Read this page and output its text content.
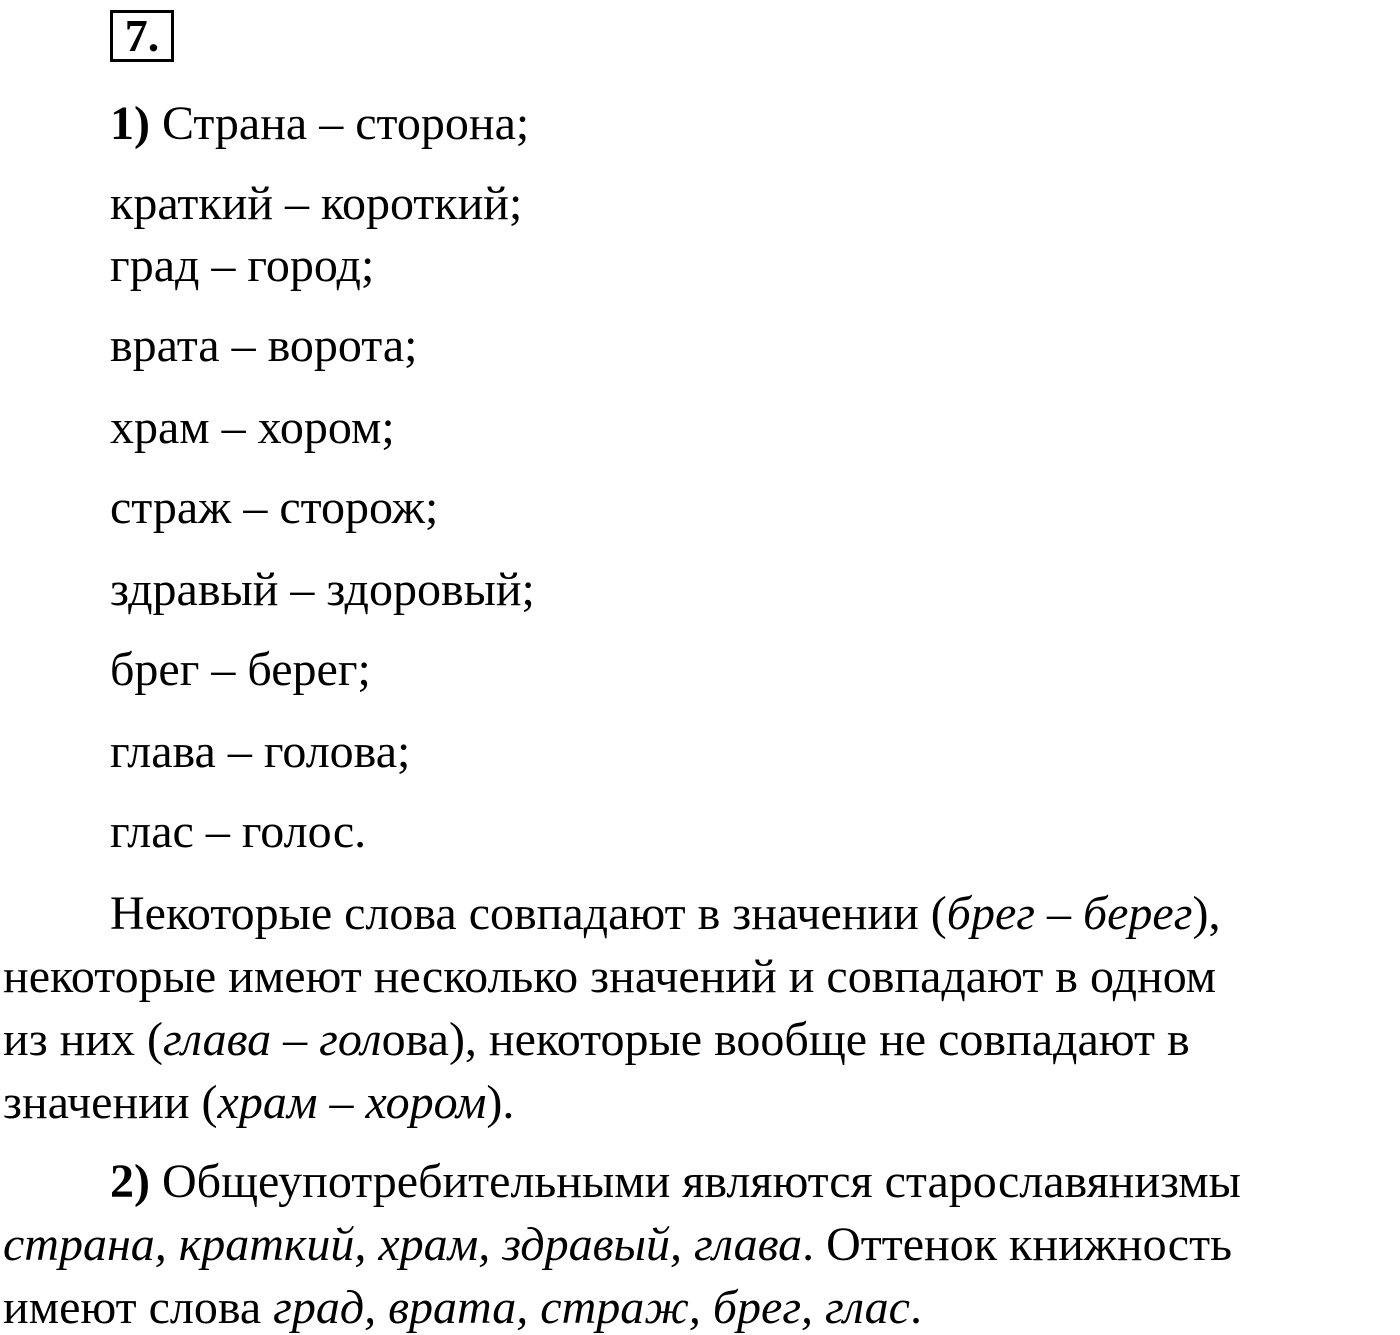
7.
1) Страна – сторона;
краткий – короткий;
град – город;
врата – ворота;
храм – хором;
страж – сторож;
здравый – здоровый;
брег – берег;
глава – голова;
глас – голос.
Некоторые слова совпадают в значении (брег – берег),
некоторые имеют несколько значений и совпадают в одном
из них (глава – голова), некоторые вообще не совпадают в
значении (храм – хором).
2) Общеупотребительными являются старославянизмы
страна, краткий, храм, здравый, глава. Оттенок книжность
имеют слова град, врата, страж, брег, глас.
